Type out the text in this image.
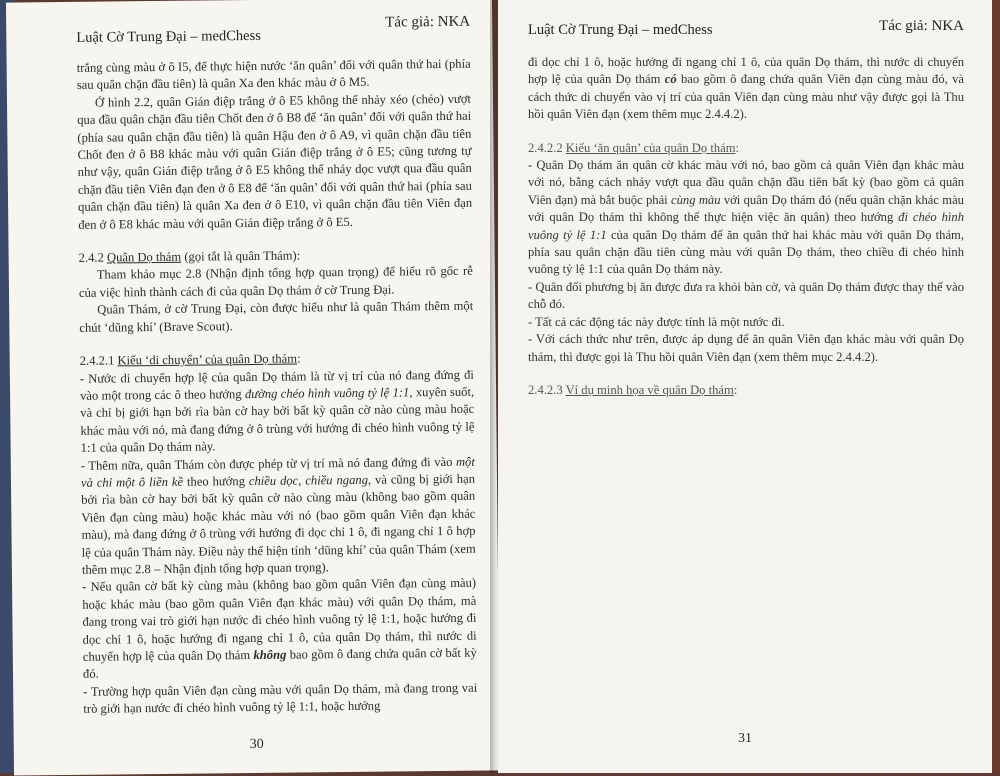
Luật Cờ Trung Đại – medChess
Tác giả: NKA

trắng cùng màu ở ô I5, để thực hiện nước ‘ăn quân’ đối với quân thứ hai (phía sau quân chặn đầu tiên) là quân Xa đen khác màu ở ô M5.

Ở hình 2.2, quân Gián điệp trắng ở ô E5 không thể nhảy xéo (chéo) vượt qua đầu quân chặn đầu tiên Chốt đen ở ô B8 để ‘ăn quân’ đối với quân thứ hai (phía sau quân chặn đầu tiên) là quân Hậu đen ở ô A9, vì quân chặn đầu tiên Chốt đen ở ô B8 khác màu với quân Gián điệp trắng ở ô E5; cũng tương tự như vậy, quân Gián điệp trắng ở ô E5 không thể nhảy dọc vượt qua đầu quân chặn đầu tiên Viên đạn đen ở ô E8 để ‘ăn quân’ đối với quân thứ hai (phía sau quân chặn đầu tiên) là quân Xa đen ở ô E10, vì quân chặn đầu tiên Viên đạn đen ở ô E8 khác màu với quân Gián điệp trắng ở ô E5.

2.4.2 Quân Dọ thám (gọi tắt là quân Thám):

Tham khảo mục 2.8 (Nhận định tổng hợp quan trọng) để hiểu rõ gốc rễ của việc hình thành cách đi của quân Dọ thám ở cờ Trung Đại.

Quân Thám, ở cờ Trung Đại, còn được hiểu như là quân Thám thêm một chút ‘dũng khí’ (Brave Scout).

2.4.2.1 Kiểu ‘di chuyển’ của quân Dọ thám:

- Nước di chuyển hợp lệ của quân Dọ thám là từ vị trí của nó đang đứng đi vào một trong các ô theo hướng đường chéo hình vuông tỷ lệ 1:1, xuyên suốt, và chỉ bị giới hạn bởi rìa bàn cờ hay bởi bất kỳ quân cờ nào cùng màu hoặc khác màu với nó, mà đang đứng ở ô trùng với hướng đi chéo hình vuông tỷ lệ 1:1 của quân Dọ thám này.

- Thêm nữa, quân Thám còn được phép từ vị trí mà nó đang đứng đi vào một và chỉ một ô liền kề theo hướng chiều dọc, chiều ngang, và cũng bị giới hạn bởi rìa bàn cờ hay bởi bất kỳ quân cờ nào cùng màu (không bao gồm quân Viên đạn cùng màu) hoặc khác màu với nó (bao gồm quân Viên đạn khác màu), mà đang đứng ở ô trùng với hướng đi dọc chỉ 1 ô, đi ngang chỉ 1 ô hợp lệ của quân Thám này. Điều này thể hiện tính ‘dũng khí’ của quân Thám (xem thêm mục 2.8 – Nhận định tổng hợp quan trọng).

- Nếu quân cờ bất kỳ cùng màu (không bao gồm quân Viên đạn cùng màu) hoặc khác màu (bao gồm quân Viên đạn khác màu) với quân Dọ thám, mà đang trong vai trò giới hạn nước đi chéo hình vuông tỷ lệ 1:1, hoặc hướng đi dọc chỉ 1 ô, hoặc hướng đi ngang chỉ 1 ô, của quân Dọ thám, thì nước di chuyển hợp lệ của quân Dọ thám không bao gồm ô đang chứa quân cờ bất kỳ đó.

- Trường hợp quân Viên đạn cùng màu với quân Dọ thám, mà đang trong vai trò giới hạn nước đi chéo hình vuông tỷ lệ 1:1, hoặc hướng

30
Luật Cờ Trung Đại – medChess	Tác giả: NKA

đi dọc chỉ 1 ô, hoặc hướng đi ngang chỉ 1 ô, của quân Dọ thám, thì nước di chuyển hợp lệ của quân Dọ thám có bao gồm ô đang chứa quân Viên đạn cùng màu đó, và cách thức di chuyển vào vị trí của quân Viên đạn cùng màu như vậy được gọi là Thu hồi quân Viên đạn (xem thêm mục 2.4.4.2).

2.4.2.2 Kiểu ‘ăn quân’ của quân Dọ thám:

- Quân Dọ thám ăn quân cờ khác màu với nó, bao gồm cả quân Viên đạn khác màu với nó, bằng cách nhảy vượt qua đầu quân chặn đầu tiên bất kỳ (bao gồm cả quân Viên đạn) mà bắt buộc phải cùng màu với quân Dọ thám đó (nếu quân chặn khác màu với quân Dọ thám thì không thể thực hiện việc ăn quân) theo hướng đi chéo hình vuông tỷ lệ 1:1 của quân Dọ thám để ăn quân thứ hai khác màu với quân Dọ thám, phía sau quân chặn đầu tiên cùng màu với quân Dọ thám, theo chiều đi chéo hình vuông tỷ lệ 1:1 của quân Dọ thám này.

- Quân đối phương bị ăn được đưa ra khỏi bàn cờ, và quân Dọ thám được thay thế vào chỗ đó.

- Tất cả các động tác này được tính là một nước đi.

- Với cách thức như trên, được áp dụng để ăn quân Viên đạn khác màu với quân Dọ thám, thì được gọi là Thu hồi quân Viên đạn (xem thêm mục 2.4.4.2).

2.4.2.3 Ví dụ minh họa về quân Dọ thám:

31
